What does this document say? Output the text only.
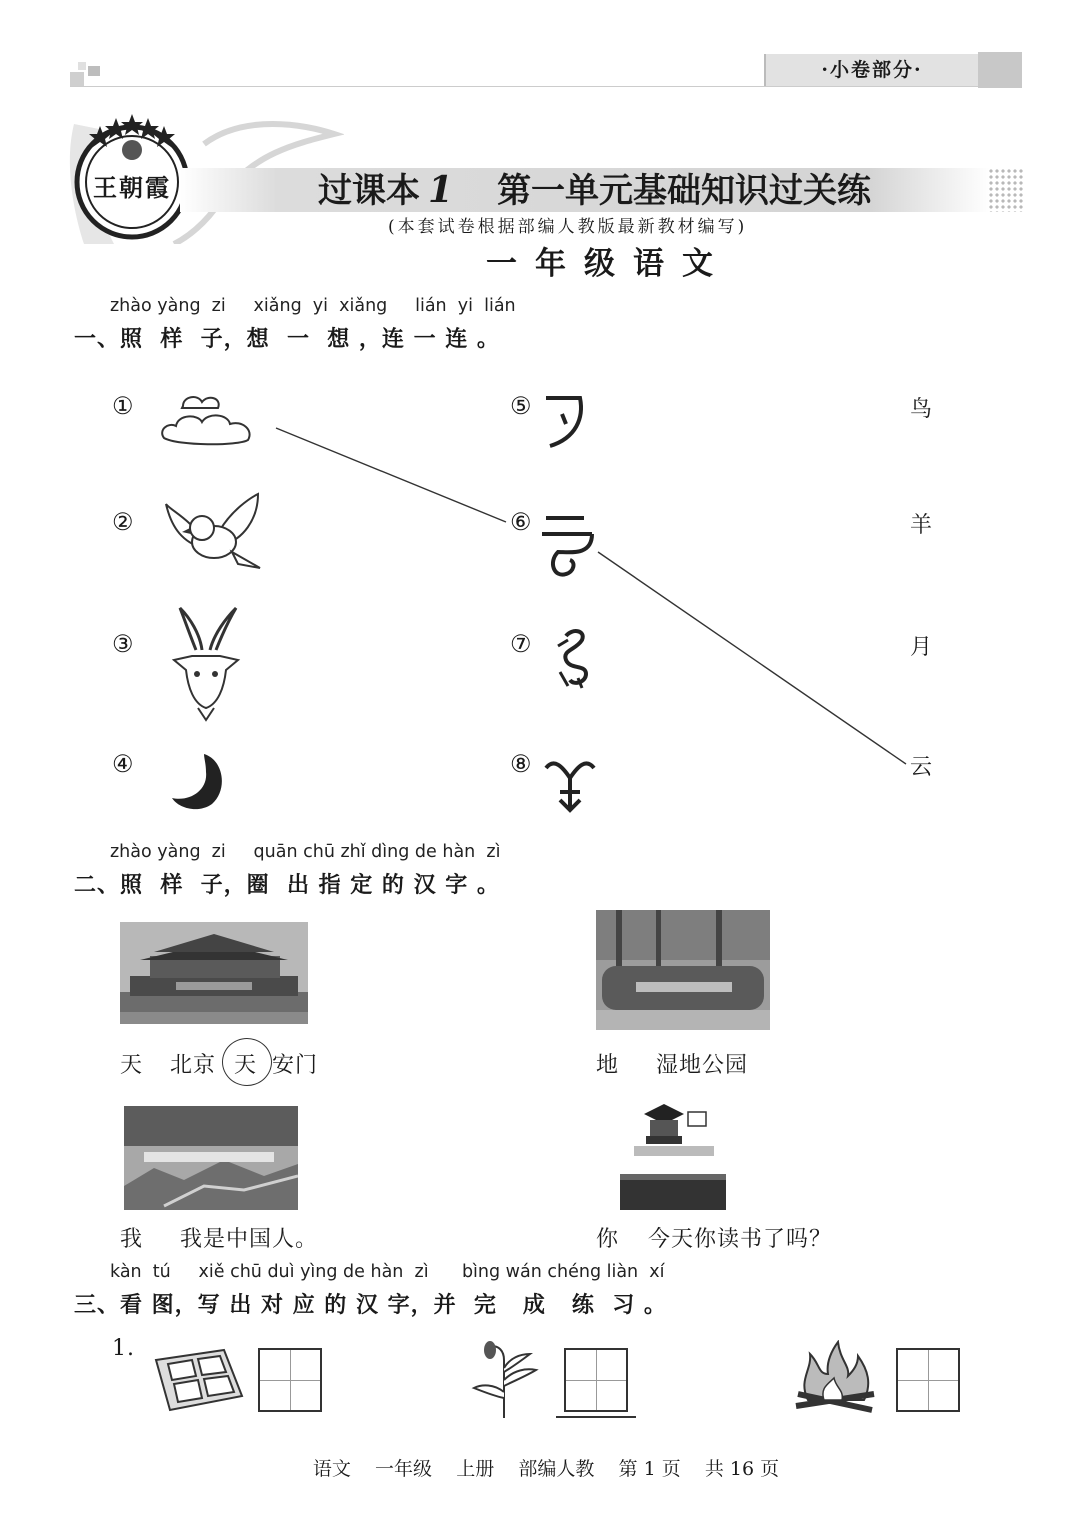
·小卷部分·
王朝霞	过课本 1 第一单元基础知识过关练
(本套试卷根据部编人教版最新教材编写)
一年级语文
zhào yàng  zi     xiǎng  yi  xiǎng     lián  yi  lián
一、照  样  子，想  一  想 ，连 一 连 。
①
②
③
④
⑤
⑥
⑦
⑧
鸟
羊
月
云
zhào yàng  zi     quān chū zhǐ dìng de hàn  zì
二、照  样  子，圈  出 指 定 的 汉 字 。
天 北京 天 安门	地 湿地公园
我 我是中国人。	你 今天你读书了吗？
kàn  tú     xiě chū duì yìng de hàn  zì      bìng wán chéng liàn  xí
三、看 图，写 出 对 应 的 汉 字，并  完   成   练  习 。
1.
语文    一年级    上册    部编人教    第 1 页    共 16 页
